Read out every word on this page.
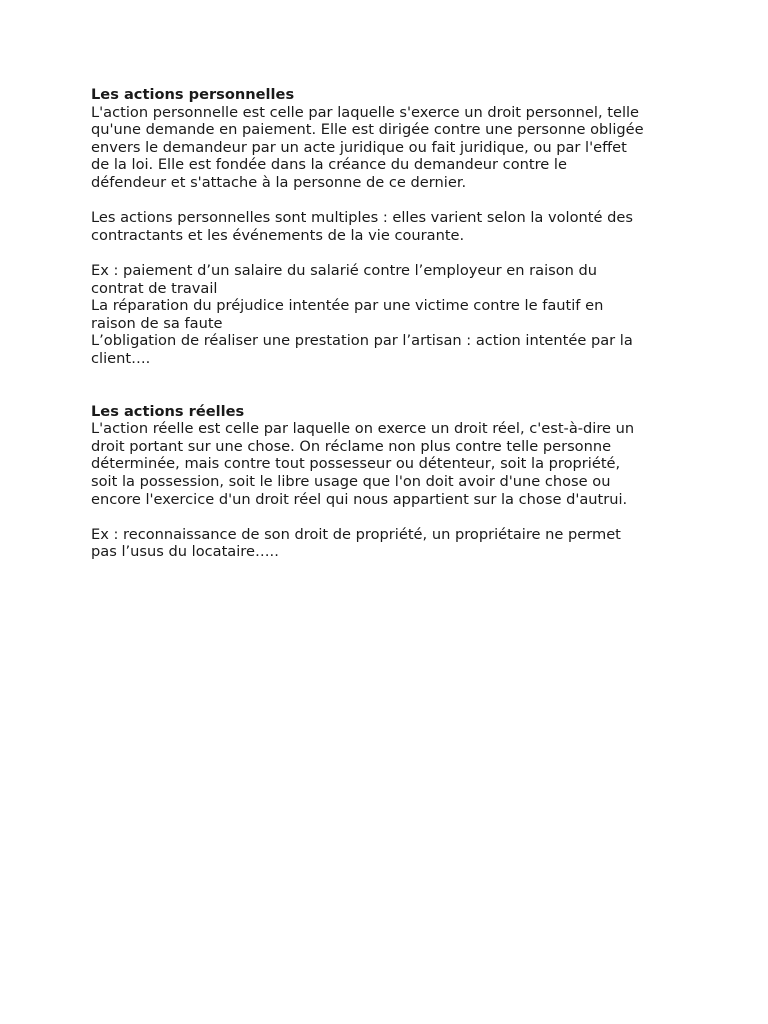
Les actions personnelles
L'action personnelle est celle par laquelle s'exerce un droit personnel, telle
qu'une demande en paiement. Elle est dirigée contre une personne obligée
envers le demandeur par un acte juridique ou fait juridique, ou par l'effet
de la loi. Elle est fondée dans la créance du demandeur contre le
défendeur et s'attache à la personne de ce dernier.
Les actions personnelles sont multiples : elles varient selon la volonté des
contractants et les événements de la vie courante.
Ex : paiement d’un salaire du salarié contre l’employeur en raison du
contrat de travail
La réparation du préjudice intentée par une victime contre le fautif en
raison de sa faute
L’obligation de réaliser une prestation par l’artisan : action intentée par la
client….
Les actions réelles
L'action réelle est celle par laquelle on exerce un droit réel, c'est-à-dire un
droit portant sur une chose. On réclame non plus contre telle personne
déterminée, mais contre tout possesseur ou détenteur, soit la propriété,
soit la possession, soit le libre usage que l'on doit avoir d'une chose ou
encore l'exercice d'un droit réel qui nous appartient sur la chose d'autrui.
Ex : reconnaissance de son droit de propriété, un propriétaire ne permet
pas l’usus du locataire…..
